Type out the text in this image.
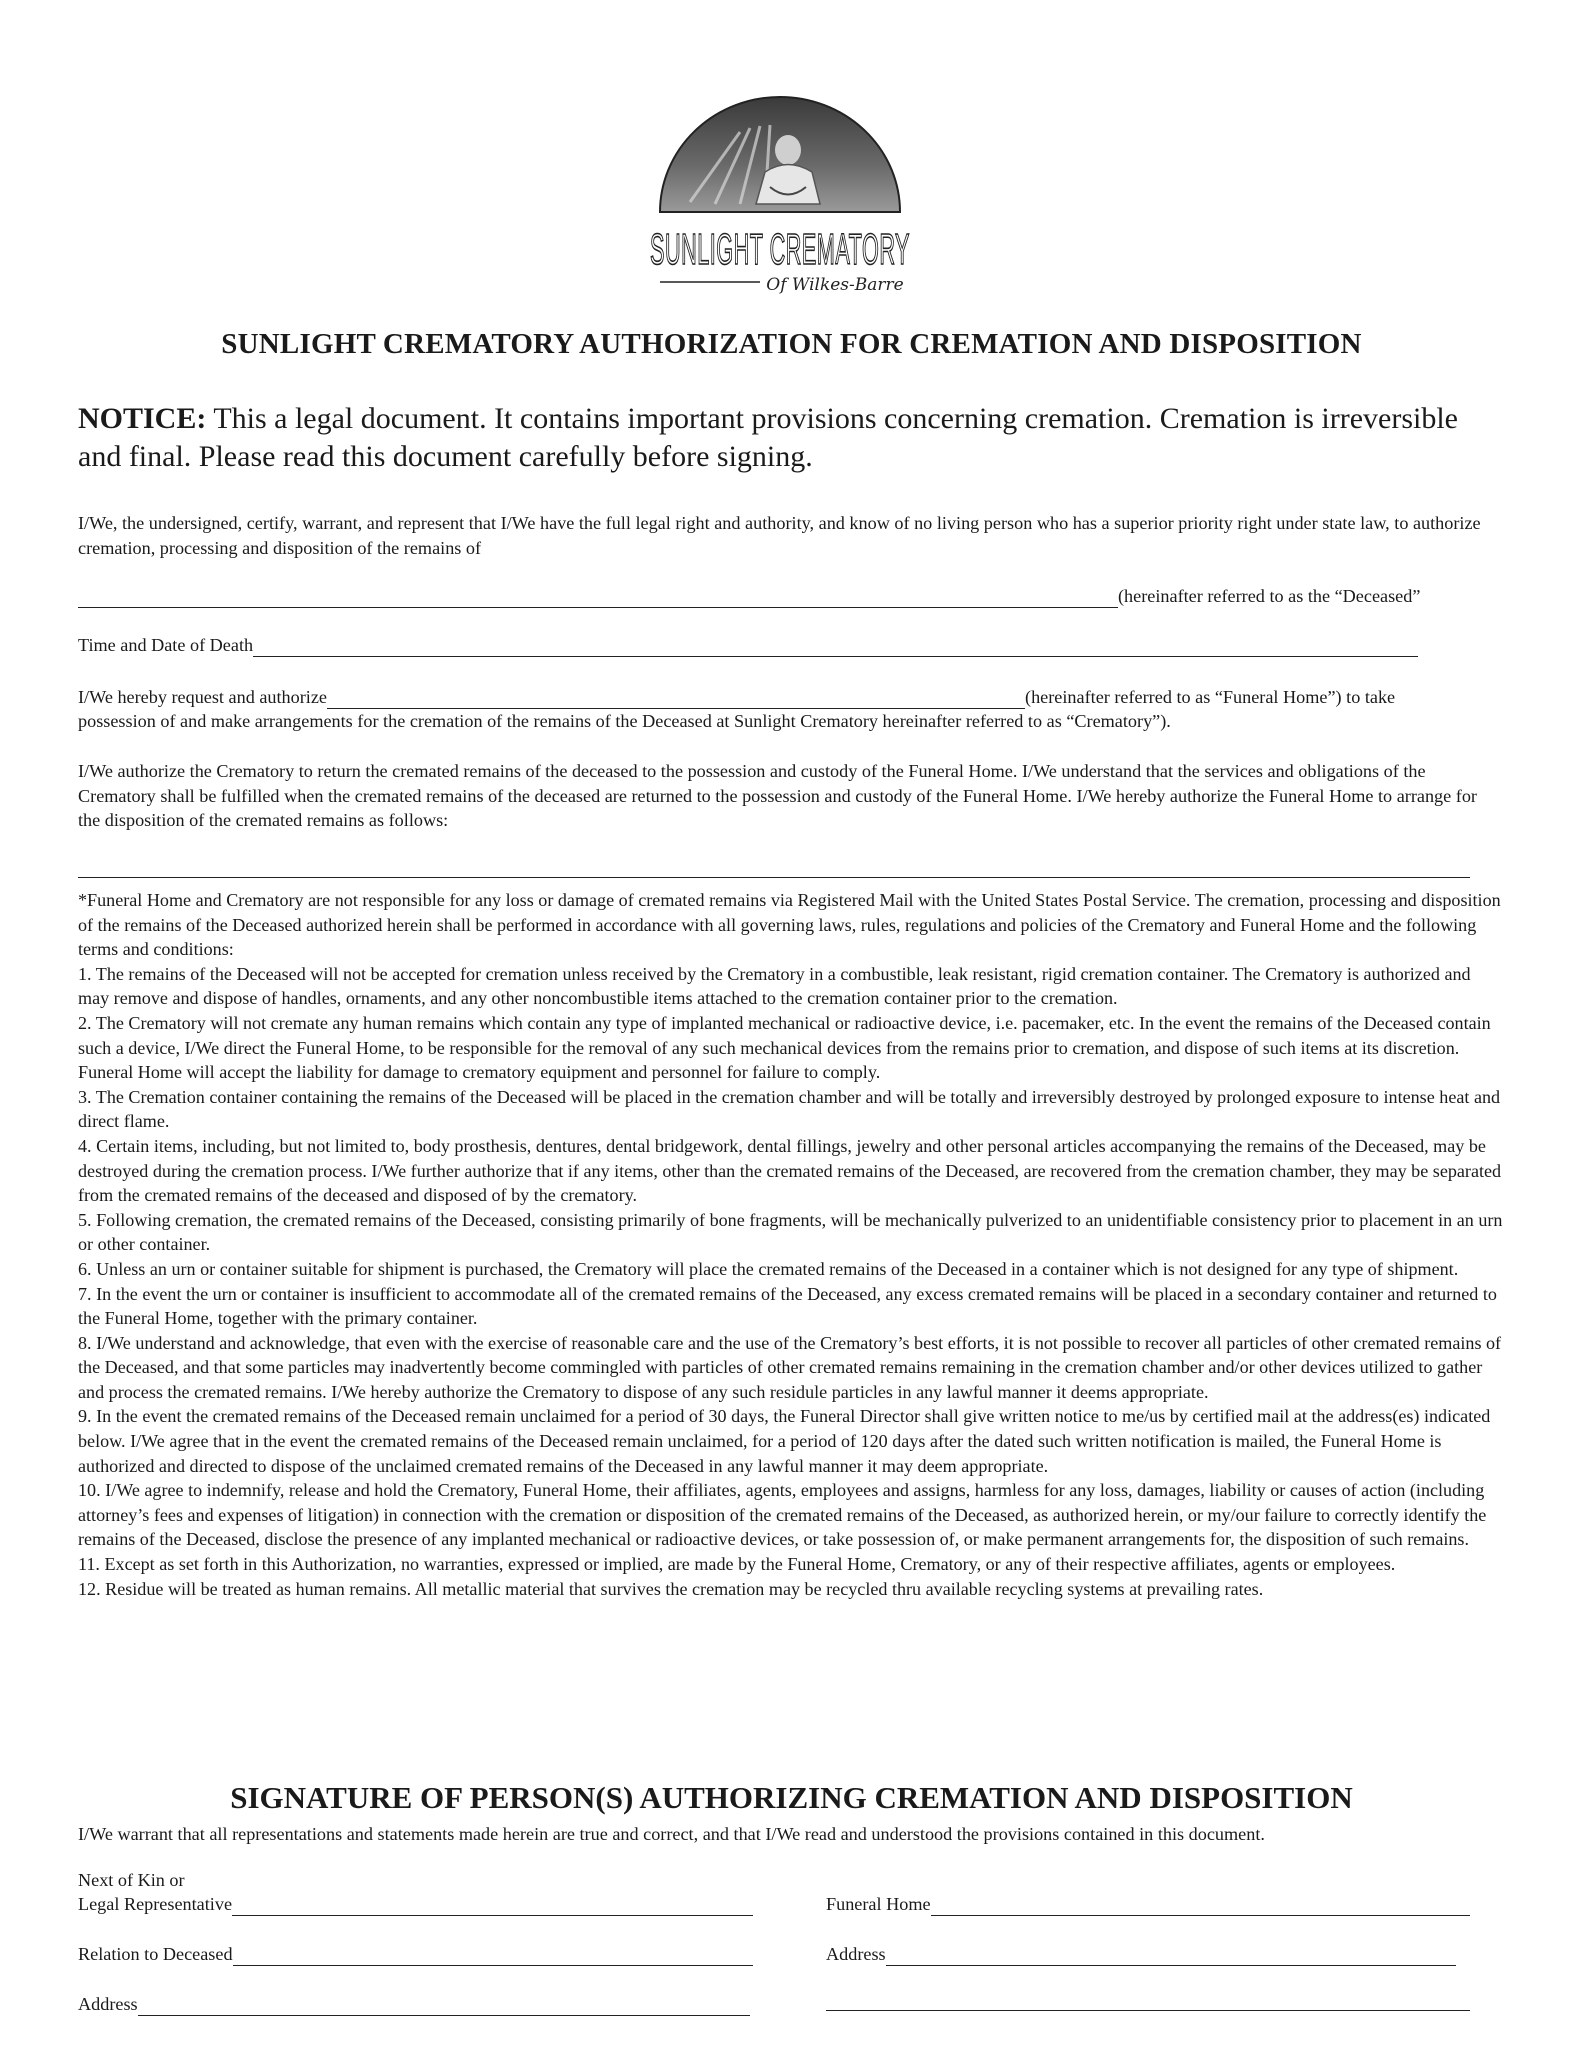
SUNLIGHT CREMATORY
Of Wilkes-Barre
SUNLIGHT CREMATORY AUTHORIZATION FOR CREMATION AND DISPOSITION
NOTICE: This a legal document. It contains important provisions concerning cremation. Cremation is irreversible and final. Please read this document carefully before signing.
I/We, the undersigned, certify, warrant, and represent that I/We have the full legal right and authority, and know of no living person who has a superior priority right under state law, to authorize cremation, processing and disposition of the remains of
(hereinafter referred to as the “Deceased”
Time and Date of Death
I/We hereby request and authorize	(hereinafter referred to as “Funeral Home”) to take
possession of and make arrangements for the cremation of the remains of the Deceased at Sunlight Crematory hereinafter referred to as “Crematory”).
I/We authorize the Crematory to return the cremated remains of the deceased to the possession and custody of the Funeral Home. I/We understand that the services and obligations of the Crematory shall be fulfilled when the cremated remains of the deceased are returned to the possession and custody of the Funeral Home. I/We hereby authorize the Funeral Home to arrange for the disposition of the cremated remains as follows:

*Funeral Home and Crematory are not responsible for any loss or damage of cremated remains via Registered Mail with the United States Postal Service. The cremation, processing and disposition of the remains of the Deceased authorized herein shall be performed in accordance with all governing laws, rules, regulations and policies of the Crematory and Funeral Home and the following terms and conditions:

1. The remains of the Deceased will not be accepted for cremation unless received by the Crematory in a combustible, leak resistant, rigid cremation container. The Crematory is authorized and may remove and dispose of handles, ornaments, and any other noncombustible items attached to the cremation container prior to the cremation.

2. The Crematory will not cremate any human remains which contain any type of implanted mechanical or radioactive device, i.e. pacemaker, etc. In the event the remains of the Deceased contain such a device, I/We direct the Funeral Home, to be responsible for the removal of any such mechanical devices from the remains prior to cremation, and dispose of such items at its discretion. Funeral Home will accept the liability for damage to crematory equipment and personnel for failure to comply.

3. The Cremation container containing the remains of the Deceased will be placed in the cremation chamber and will be totally and irreversibly destroyed by prolonged exposure to intense heat and direct flame.

4. Certain items, including, but not limited to, body prosthesis, dentures, dental bridgework, dental fillings, jewelry and other personal articles accompanying the remains of the Deceased, may be destroyed during the cremation process. I/We further authorize that if any items, other than the cremated remains of the Deceased, are recovered from the cremation chamber, they may be separated from the cremated remains of the deceased and disposed of by the crematory.

5. Following cremation, the cremated remains of the Deceased, consisting primarily of bone fragments, will be mechanically pulverized to an unidentifiable consistency prior to placement in an urn or other container.

6. Unless an urn or container suitable for shipment is purchased, the Crematory will place the cremated remains of the Deceased in a container which is not designed for any type of shipment.

7. In the event the urn or container is insufficient to accommodate all of the cremated remains of the Deceased, any excess cremated remains will be placed in a secondary container and returned to the Funeral Home, together with the primary container.

8. I/We understand and acknowledge, that even with the exercise of reasonable care and the use of the Crematory’s best efforts, it is not possible to recover all particles of other cremated remains of the Deceased, and that some particles may inadvertently become commingled with particles of other cremated remains remaining in the cremation chamber and/or other devices utilized to gather and process the cremated remains. I/We hereby authorize the Crematory to dispose of any such residule particles in any lawful manner it deems appropriate.

9. In the event the cremated remains of the Deceased remain unclaimed for a period of 30 days, the Funeral Director shall give written notice to me/us by certified mail at the address(es) indicated below. I/We agree that in the event the cremated remains of the Deceased remain unclaimed, for a period of 120 days after the dated such written notification is mailed, the Funeral Home is authorized and directed to dispose of the unclaimed cremated remains of the Deceased in any lawful manner it may deem appropriate.

10. I/We agree to indemnify, release and hold the Crematory, Funeral Home, their affiliates, agents, employees and assigns, harmless for any loss, damages, liability or causes of action (including attorney’s fees and expenses of litigation) in connection with the cremation or disposition of the cremated remains of the Deceased, as authorized herein, or my/our failure to correctly identify the remains of the Deceased, disclose the presence of any implanted mechanical or radioactive devices, or take possession of, or make permanent arrangements for, the disposition of such remains.

11. Except as set forth in this Authorization, no warranties, expressed or implied, are made by the Funeral Home, Crematory, or any of their respective affiliates, agents or employees.

12. Residue will be treated as human remains. All metallic material that survives the cremation may be recycled thru available recycling systems at prevailing rates.

SIGNATURE OF PERSON(S) AUTHORIZING CREMATION AND DISPOSITION
I/We warrant that all representations and statements made herein are true and correct, and that I/We read and understood the provisions contained in this document.
Next of Kin or
Legal Representative	Funeral Home
Relation to Deceased	Address
Address
